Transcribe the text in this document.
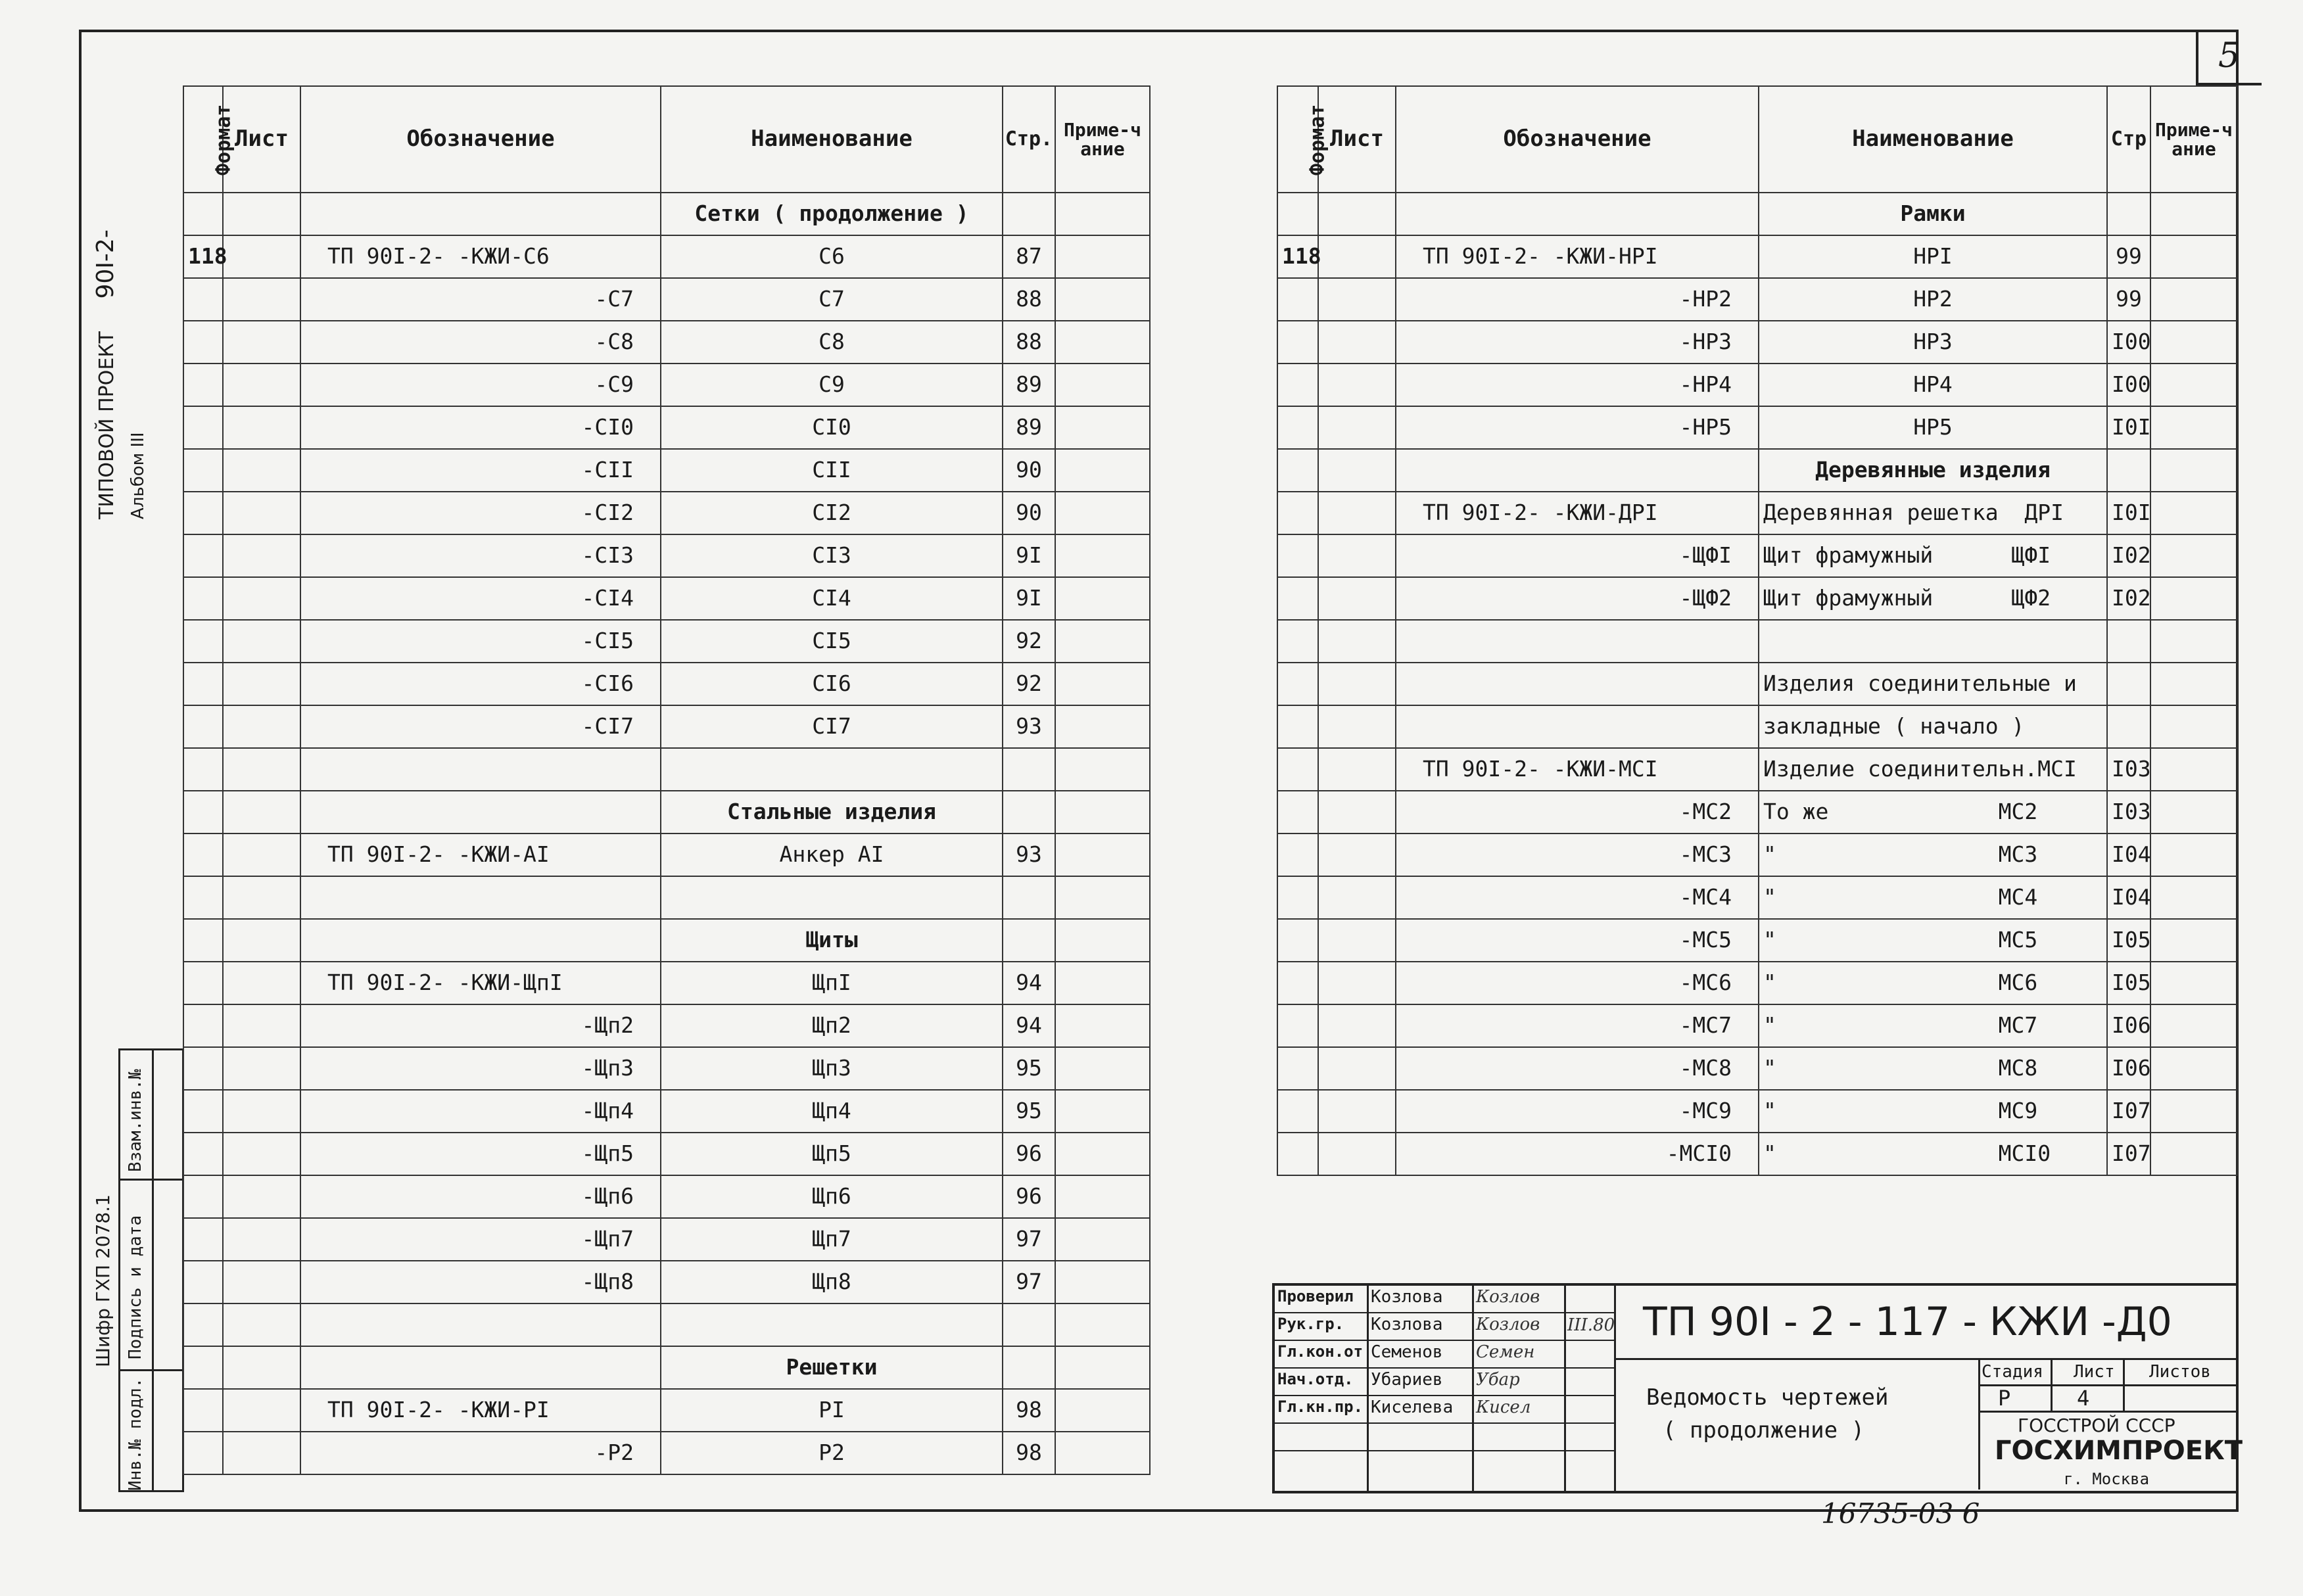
5
ТИПОВОЙ ПРОЕКТ 90I-2-
Альбом III
Шифр ГХП 2078.1
Инв.№ подл.
Подпись и дата
Взам.инв.№
Формат	Лист	Обозначение	Наименование	Стр.	Приме-чание
			Сетки ( продолжение )		
118		ТП 90I-2- -КЖИ-С6	С6	87	
		-С7	С7	88	
		-С8	С8	88	
		-С9	С9	89	
		-СI0	СI0	89	
		-СII	СII	90	
		-СI2	СI2	90	
		-СI3	СI3	9I	
		-СI4	СI4	9I	
		-СI5	СI5	92	
		-СI6	СI6	92	
		-СI7	СI7	93	

			Стальные изделия		
		ТП 90I-2- -КЖИ-АI	Анкер АI	93	

			Щиты		
		ТП 90I-2- -КЖИ-ЩпI	ЩпI	94	
		-Щп2	Щп2	94	
		-Щп3	Щп3	95	
		-Щп4	Щп4	95	
		-Щп5	Щп5	96	
		-Щп6	Щп6	96	
		-Щп7	Щп7	97	
		-Щп8	Щп8	97	

			Решетки		
		ТП 90I-2- -КЖИ-РI	РI	98	
		-Р2	Р2	98	
Формат	Лист	Обозначение	Наименование	Стр	Приме-чание
			Рамки		
118		ТП 90I-2- -КЖИ-НРI	НРI	99	
		-НР2	НР2	99	
		-НР3	НР3	I00	
		-НР4	НР4	I00	
		-НР5	НР5	I0I	
			Деревянные изделия		
		ТП 90I-2- -КЖИ-ДРI	Деревянная решетка  ДРI	I0I	
		-ЩФI	Щит фрамужный      ЩФI	I02	
		-ЩФ2	Щит фрамужный      ЩФ2	I02	

			Изделия соединительные и		
			закладные ( начало )		
		ТП 90I-2- -КЖИ-МСI	Изделие соединительн.МСI	I03	
		-МС2	То же             МС2	I03	
		-МС3	"                 МС3	I04	
		-МС4	"                 МС4	I04	
		-МС5	"                 МС5	I05	
		-МС6	"                 МС6	I05	
		-МС7	"                 МС7	I06	
		-МС8	"                 МС8	I06	
		-МС9	"                 МС9	I07	
		-МСI0	"                 МСI0	I07	
Проверил Козлова Козлов
Рук.гр. Козлова Козлов
Гл.кон.от Семенов Семен
Нач.отд. Убариев Убар
Гл.кн.пр. Киселева Кисел
III.80 ТП 90I - 2 - 117 - КЖИ -Д0
Ведомость чертежей
( продолжение )
Стадия Лист Листов
Р	4
ГОССТРОЙ СССР
ГОСХИМПРОЕКТ
г. Москва
16735-03 6
